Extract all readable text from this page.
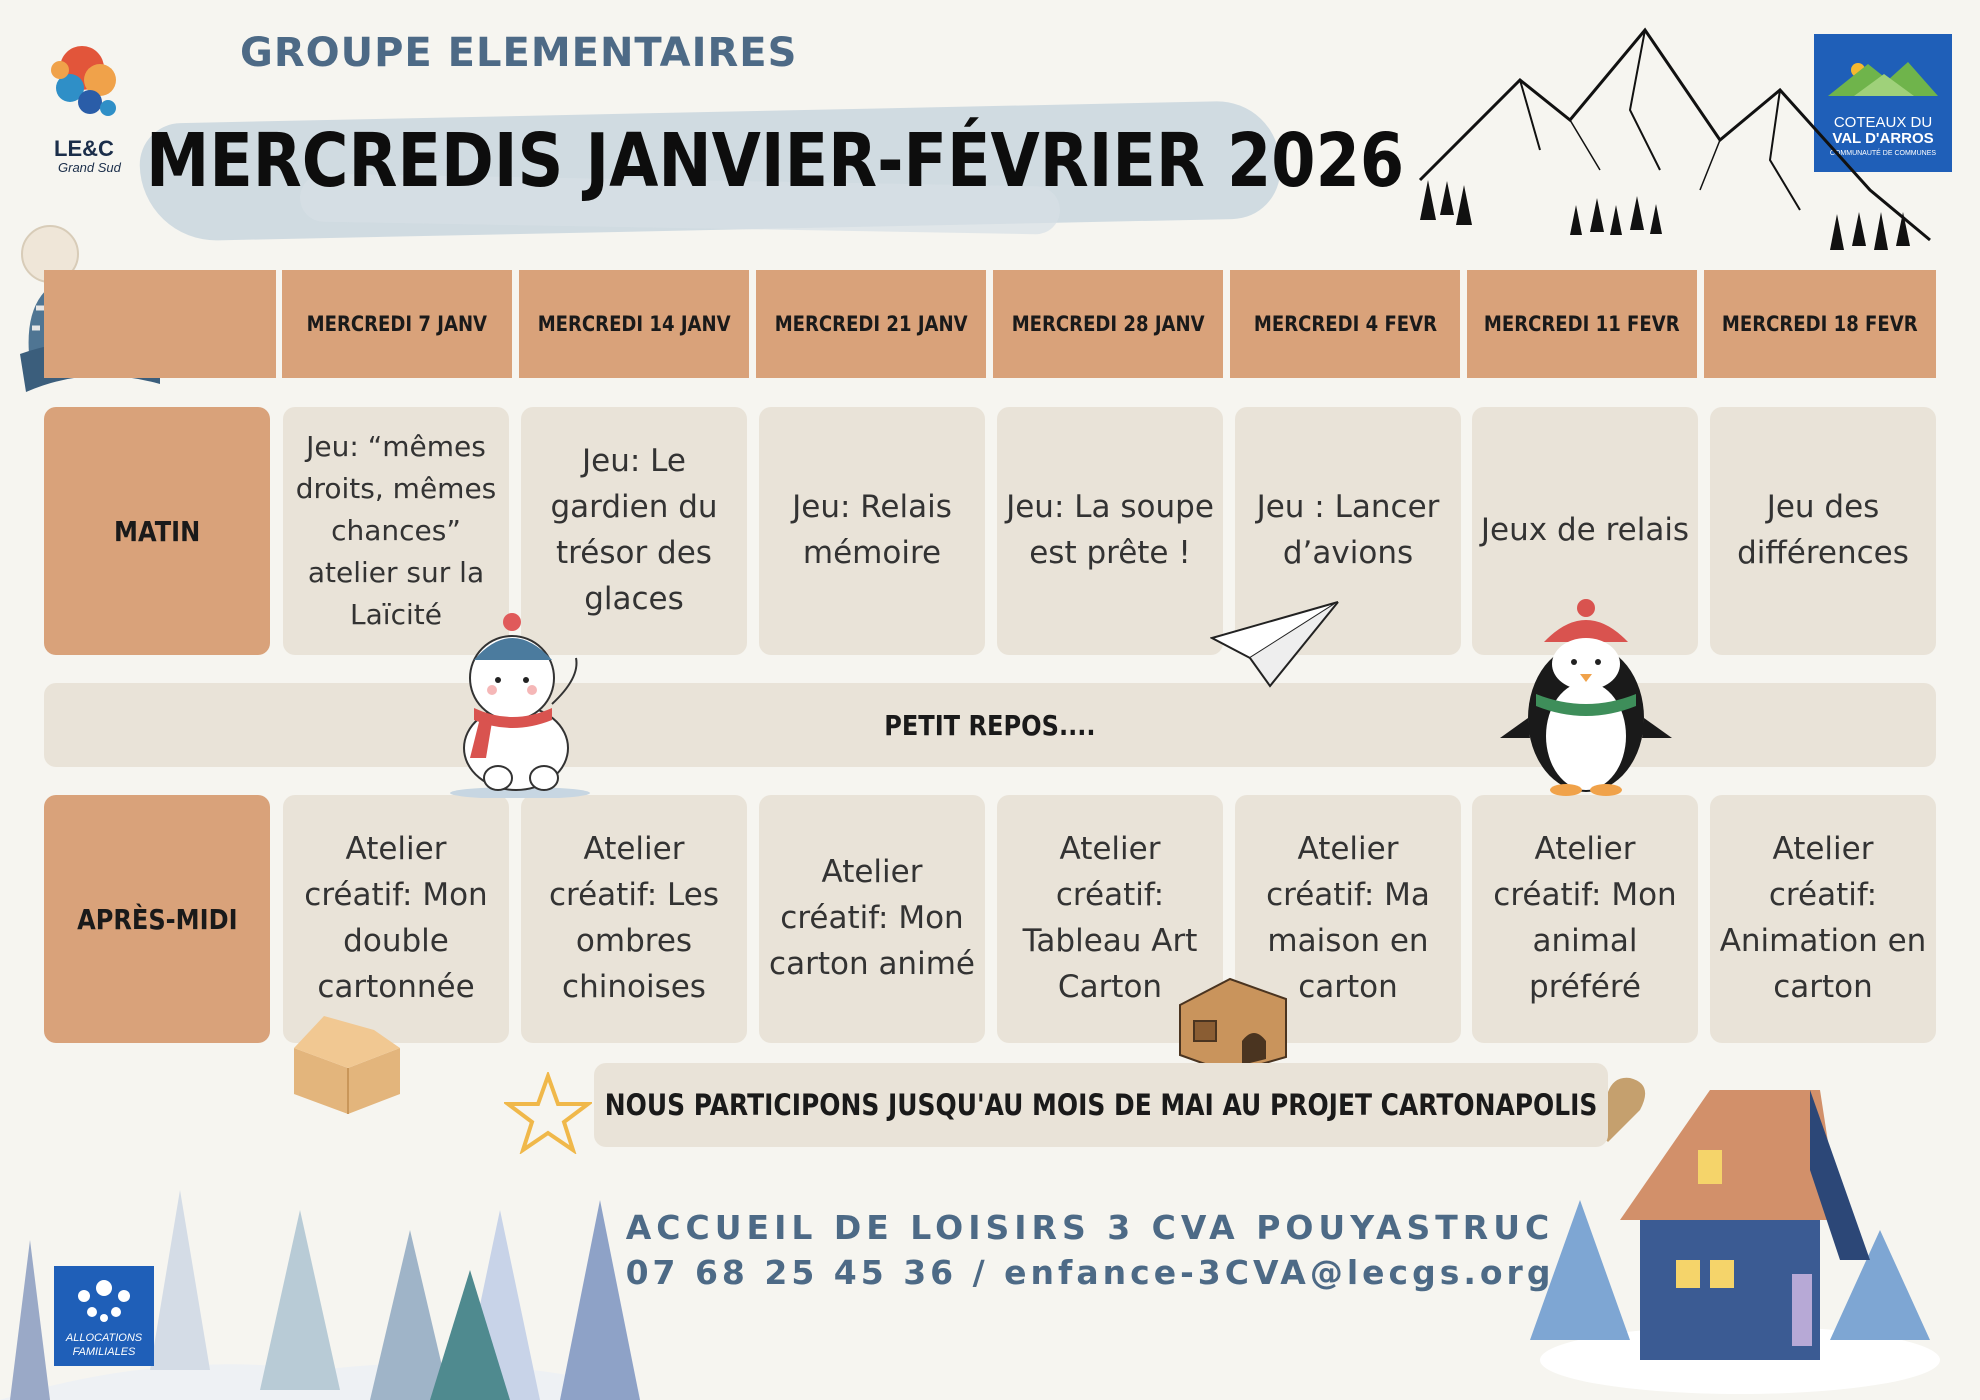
LE&C
Grand Sud
COTEAUX DU
VAL D'ARROS
COMMUNAUTÉ DE COMMUNES
GROUPE ELEMENTAIRES
MERCREDIS JANVIER-FÉVRIER 2026
MERCREDI 7 JANV MERCREDI 14 JANV MERCREDI 21 JANV MERCREDI 28 JANV MERCREDI 4 FEVR MERCREDI 11 FEVR MERCREDI 18 FEVR
MATIN
Jeu: “mêmes droits, mêmes chances” atelier sur la Laïcité
Jeu: Le gardien du trésor des glaces
Jeu: Relais mémoire
Jeu: La soupe est prête !
Jeu : Lancer d’avions
Jeux de relais
Jeu des différences
PETIT REPOS....
APRÈS-MIDI
Atelier créatif: Mon double cartonnée
Atelier créatif: Les ombres chinoises
Atelier créatif: Mon carton animé
Atelier créatif: Tableau Art Carton
Atelier créatif: Ma maison en carton
Atelier créatif: Mon animal préféré
Atelier créatif: Animation en carton
NOUS PARTICIPONS JUSQU'AU MOIS DE MAI AU PROJET CARTONAPOLIS
ACCUEIL DE LOISIRS 3 CVA POUYASTRUC
07 68 25 45 36 / enfance-3CVA@lecgs.org
ALLOCATIONS
FAMILIALES
